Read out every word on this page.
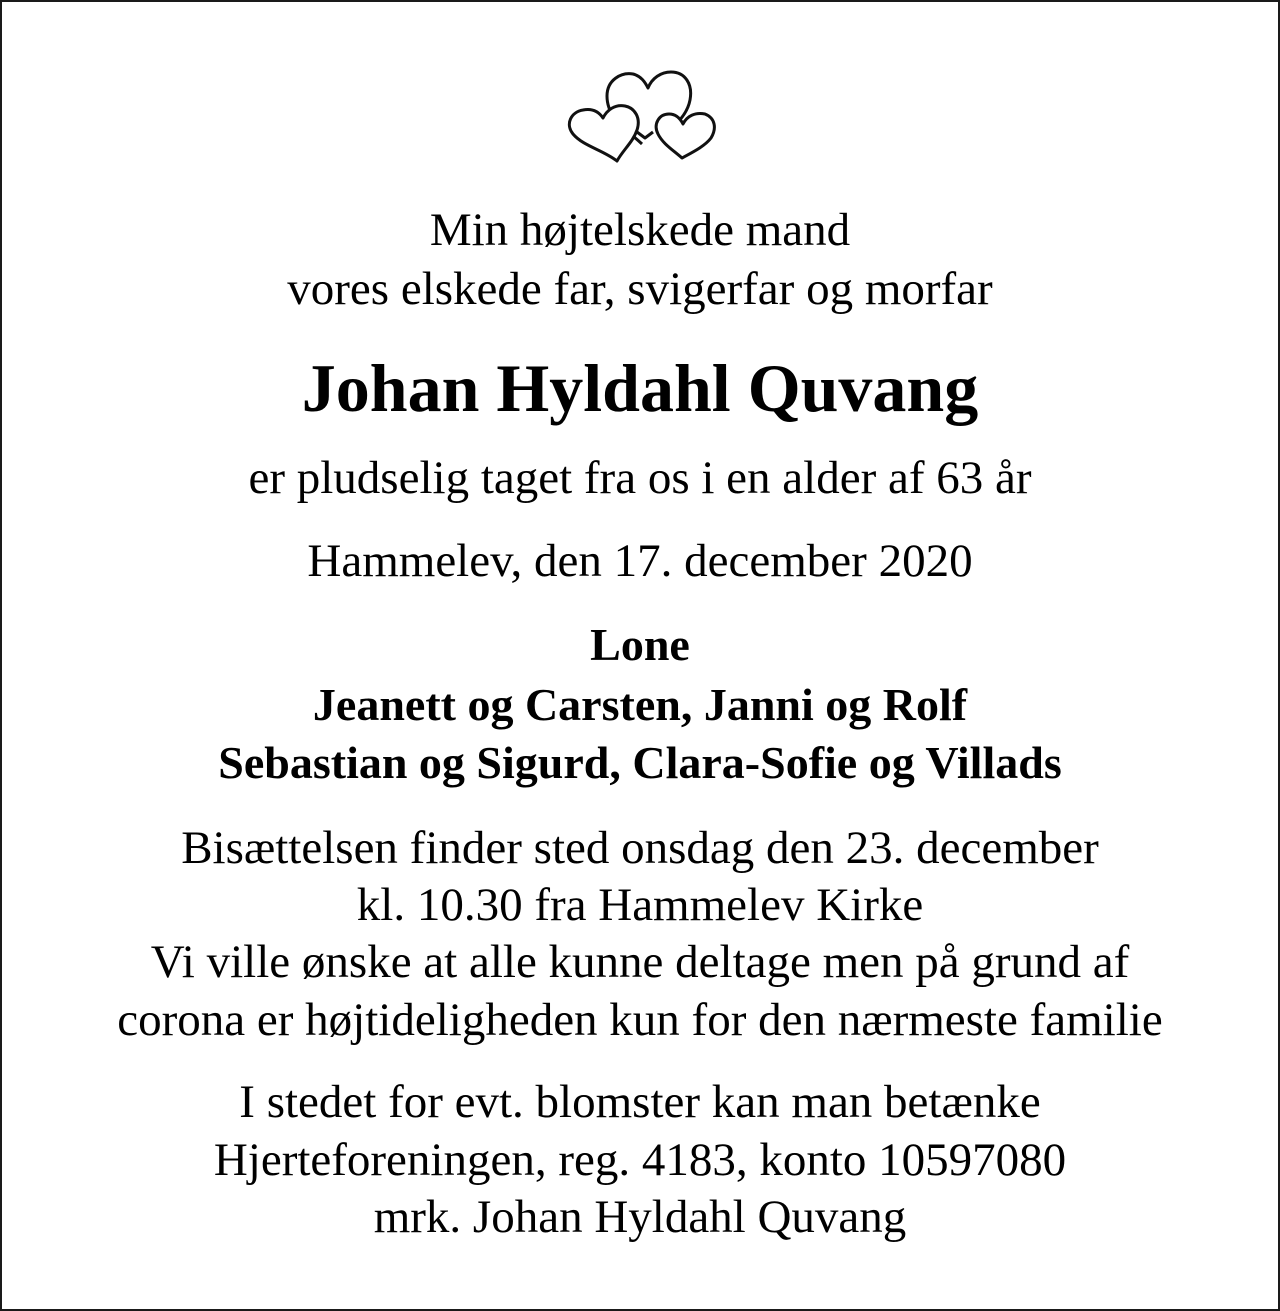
Min højtelskede mand
vores elskede far, svigerfar og morfar
Johan Hyldahl Quvang
er pludselig taget fra os i en alder af 63 år
Hammelev, den 17. december 2020
Lone
Jeanett og Carsten, Janni og Rolf
Sebastian og Sigurd, Clara-Sofie og Villads
Bisættelsen finder sted onsdag den 23. december
kl. 10.30 fra Hammelev Kirke
Vi ville ønske at alle kunne deltage men på grund af
corona er højtideligheden kun for den nærmeste familie
I stedet for evt. blomster kan man betænke
Hjerteforeningen, reg. 4183, konto 10597080
mrk. Johan Hyldahl Quvang
